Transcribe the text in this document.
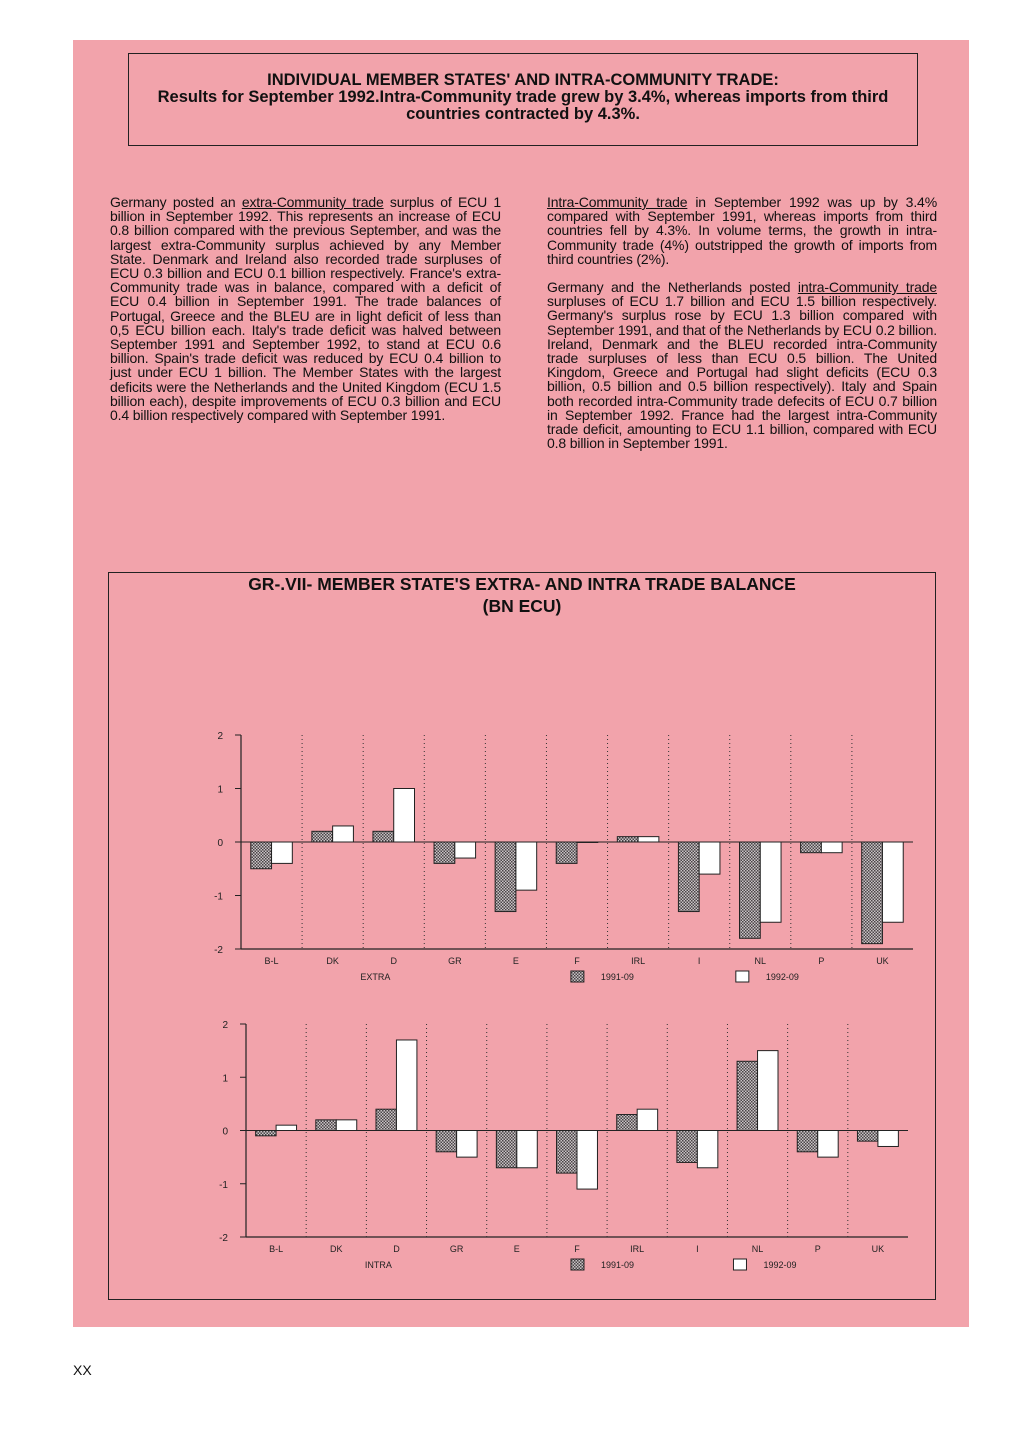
INDIVIDUAL MEMBER STATES' AND INTRA-COMMUNITY TRADE:
Results for September 1992.Intra-Community trade grew by 3.4%, whereas imports from third countries contracted by 4.3%.

Germany posted an extra-Community trade surplus of ECU 1 billion in September 1992. This represents an increase of ECU 0.8 billion compared with the previous September, and was the largest extra-Community surplus achieved by any Member State. Denmark and Ireland also recorded trade surpluses of ECU 0.3 billion and ECU 0.1 billion respectively. France's extra-Community trade was in balance, compared with a deficit of ECU 0.4 billion in September 1991. The trade balances of Portugal, Greece and the BLEU are in light deficit of less than 0,5 ECU billion each. Italy's trade deficit was halved between September 1991 and September 1992, to stand at ECU 0.6 billion. Spain's trade deficit was reduced by ECU 0.4 billion to just under ECU 1 billion. The Member States with the largest deficits were the Netherlands and the United Kingdom (ECU 1.5 billion each), despite improvements of ECU 0.3 billion and ECU 0.4 billion respectively compared with September 1991.

Intra-Community trade in September 1992 was up by 3.4% compared with September 1991, whereas imports from third countries fell by 4.3%. In volume terms, the growth in intra-Community trade (4%) outstripped the growth of imports from third countries (2%).

Germany and the Netherlands posted intra-Community trade surpluses of ECU 1.7 billion and ECU 1.5 billion respectively. Germany's surplus rose by ECU 1.3 billion compared with September 1991, and that of the Netherlands by ECU 0.2 billion. Ireland, Denmark and the BLEU recorded intra-Community trade surpluses of less than ECU 0.5 billion. The United Kingdom, Greece and Portugal had slight deficits (ECU 0.3 billion, 0.5 billion and 0.5 billion respectively). Italy and Spain both recorded intra-Community trade defecits of ECU 0.7 billion in September 1992. France had the largest intra-Community trade deficit, amounting to ECU 1.1 billion, compared with ECU 0.8 billion in September 1991.

GR-.VII- MEMBER STATE'S EXTRA- AND INTRA TRADE BALANCE
(BN ECU)
2
1
0
-1
-2
B-L	DK	D	GR	E	F	IRL	I	NL	P	UK
EXTRA	1991-09	1992-09
2
1
0
-1
-2
B-L	DK	D	GR	E	F	IRL	I	NL	P	UK
INTRA	1991-09	1992-09
XX
